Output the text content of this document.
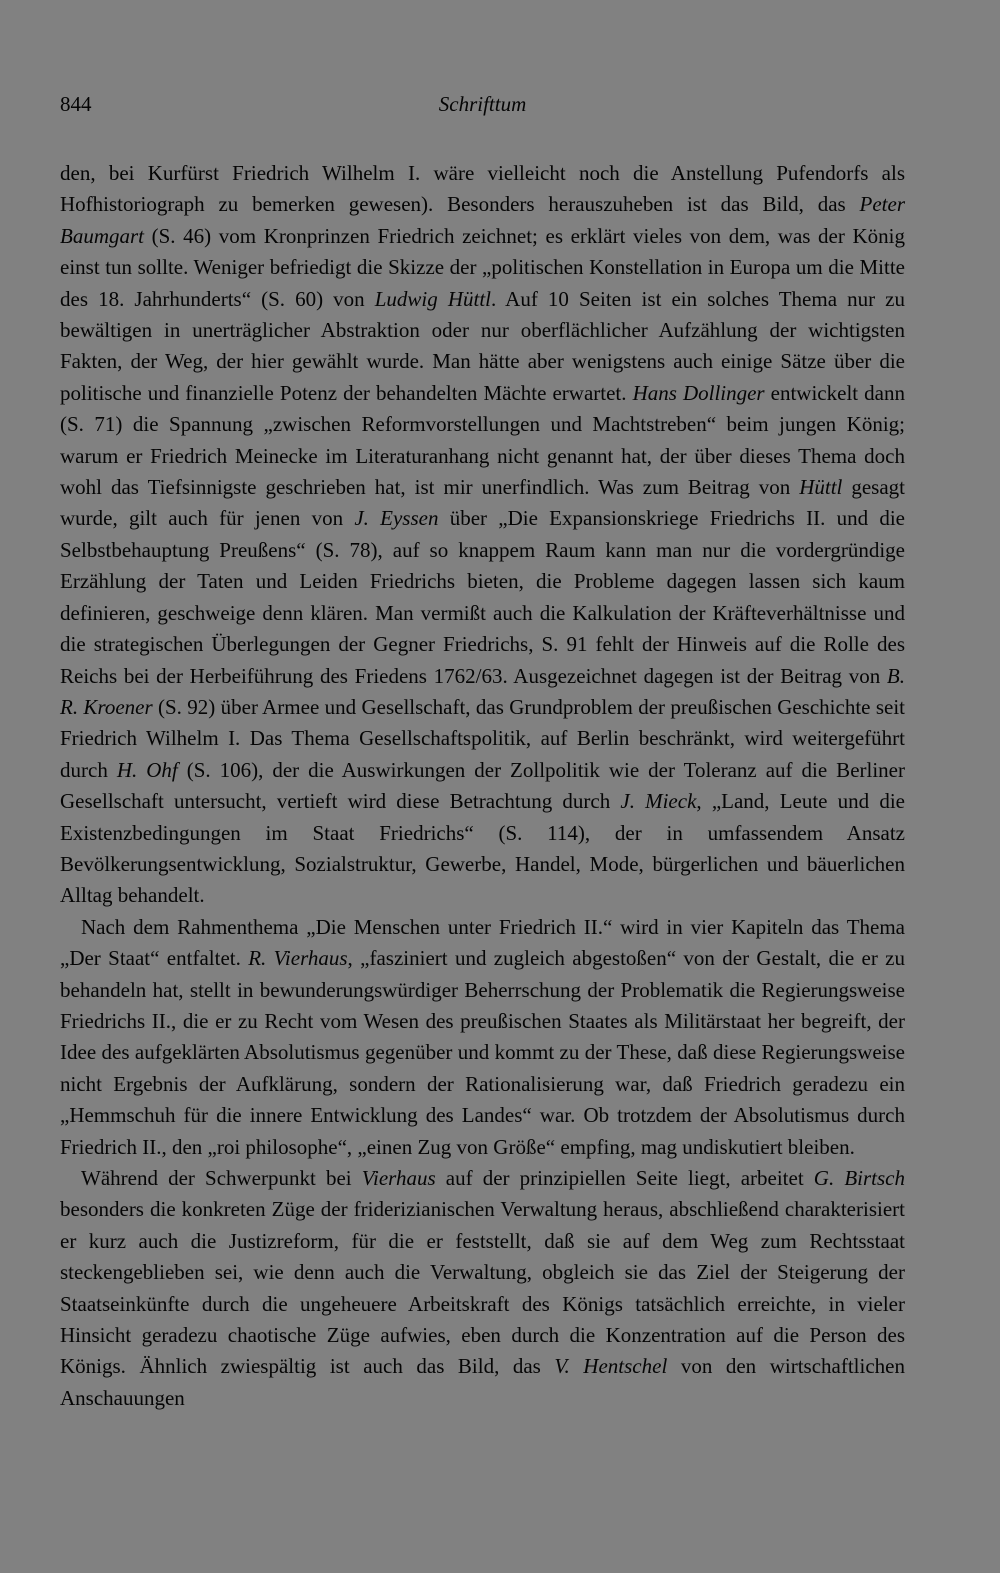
844	Schrifttum

den, bei Kurfürst Friedrich Wilhelm I. wäre vielleicht noch die Anstellung Pufendorfs als Hofhistoriograph zu bemerken gewesen). Besonders herauszuheben ist das Bild, das Peter Baumgart (S. 46) vom Kronprinzen Friedrich zeichnet; es erklärt vieles von dem, was der König einst tun sollte. Weniger befriedigt die Skizze der „politischen Konstellation in Europa um die Mitte des 18. Jahrhunderts“ (S. 60) von Ludwig Hüttl. Auf 10 Seiten ist ein solches Thema nur zu bewältigen in unerträglicher Abstraktion oder nur oberflächlicher Aufzählung der wichtigsten Fakten, der Weg, der hier gewählt wurde. Man hätte aber wenigstens auch einige Sätze über die politische und finanzielle Potenz der behandelten Mächte erwartet. Hans Dollinger entwickelt dann (S. 71) die Spannung „zwischen Reformvorstellungen und Machtstreben“ beim jungen König; warum er Friedrich Meinecke im Literaturanhang nicht genannt hat, der über dieses Thema doch wohl das Tiefsinnigste geschrieben hat, ist mir unerfindlich. Was zum Beitrag von Hüttl gesagt wurde, gilt auch für jenen von J. Eyssen über „Die Expansionskriege Friedrichs II. und die Selbstbehauptung Preußens“ (S. 78), auf so knappem Raum kann man nur die vordergründige Erzählung der Taten und Leiden Friedrichs bieten, die Probleme dagegen lassen sich kaum definieren, geschweige denn klären. Man vermißt auch die Kalkulation der Kräfteverhältnisse und die strategischen Überlegungen der Gegner Friedrichs, S. 91 fehlt der Hinweis auf die Rolle des Reichs bei der Herbeiführung des Friedens 1762/63. Ausgezeichnet dagegen ist der Beitrag von B. R. Kroener (S. 92) über Armee und Gesellschaft, das Grundproblem der preußischen Geschichte seit Friedrich Wilhelm I. Das Thema Gesellschaftspolitik, auf Berlin beschränkt, wird weitergeführt durch H. Ohf (S. 106), der die Auswirkungen der Zollpolitik wie der Toleranz auf die Berliner Gesellschaft untersucht, vertieft wird diese Betrachtung durch J. Mieck, „Land, Leute und die Existenzbedingungen im Staat Friedrichs“ (S. 114), der in umfassendem Ansatz Bevölkerungsentwicklung, Sozialstruktur, Gewerbe, Handel, Mode, bürgerlichen und bäuerlichen Alltag behandelt.

Nach dem Rahmenthema „Die Menschen unter Friedrich II.“ wird in vier Kapiteln das Thema „Der Staat“ entfaltet. R. Vierhaus, „fasziniert und zugleich abgestoßen“ von der Gestalt, die er zu behandeln hat, stellt in bewunderungswürdiger Beherrschung der Problematik die Regierungsweise Friedrichs II., die er zu Recht vom Wesen des preußischen Staates als Militärstaat her begreift, der Idee des aufgeklärten Absolutismus gegenüber und kommt zu der These, daß diese Regierungsweise nicht Ergebnis der Aufklärung, sondern der Rationalisierung war, daß Friedrich geradezu ein „Hemmschuh für die innere Entwicklung des Landes“ war. Ob trotzdem der Absolutismus durch Friedrich II., den „roi philosophe“, „einen Zug von Größe“ empfing, mag undiskutiert bleiben.

Während der Schwerpunkt bei Vierhaus auf der prinzipiellen Seite liegt, arbeitet G. Birtsch besonders die konkreten Züge der friderizianischen Verwaltung heraus, abschließend charakterisiert er kurz auch die Justizreform, für die er feststellt, daß sie auf dem Weg zum Rechtsstaat steckengeblieben sei, wie denn auch die Verwaltung, obgleich sie das Ziel der Steigerung der Staatseinkünfte durch die ungeheuere Arbeitskraft des Königs tatsächlich erreichte, in vieler Hinsicht geradezu chaotische Züge aufwies, eben durch die Konzentration auf die Person des Königs. Ähnlich zwiespältig ist auch das Bild, das V. Hentschel von den wirtschaftlichen Anschauungen
